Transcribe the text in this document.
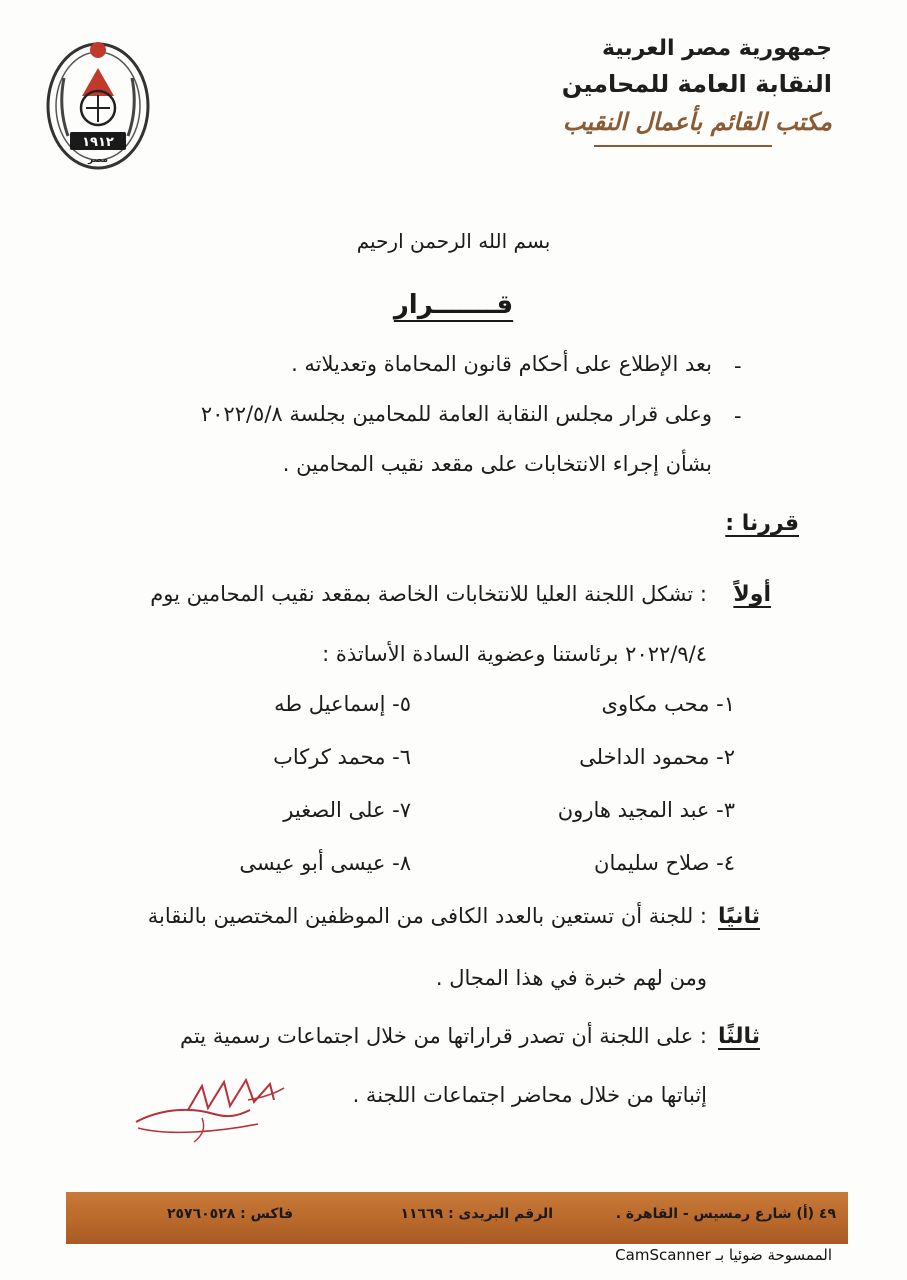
١٩١٢
مصر
جمهورية مصر العربية
النقابة العامة للمحامين
مكتب القائم بأعمال النقيب
بسم الله الرحمن ارحيم
قـــــــرار
-
بعد الإطلاع على أحكام قانون المحاماة وتعديلاته .
-
وعلى قرار مجلس النقابة العامة للمحامين بجلسة ٢٠٢٢/٥/٨
بشأن إجراء الانتخابات على مقعد نقيب المحامين .
قررنا :
أولاً
: تشكل اللجنة العليا للانتخابات الخاصة بمقعد نقيب المحامين يوم
٢٠٢٢/٩/٤ برئاستنا وعضوية السادة الأساتذة :
١- محب مكاوى
٢- محمود الداخلى
٣- عبد المجيد هارون
٤- صلاح سليمان
٥- إسماعيل طه
٦- محمد كركاب
٧- على الصغير
٨- عيسى أبو عيسى
ثانيًا
: للجنة أن تستعين بالعدد الكافى من الموظفين المختصين بالنقابة
ومن لهم خبرة في هذا المجال .
ثالثًا
: على اللجنة أن تصدر قراراتها من خلال اجتماعات رسمية يتم
إثباتها من خلال محاضر اجتماعات اللجنة .
٤٩ (أ) شارع رمسيس - القاهرة .
الرقم البريدى : ١١٦٦٩
فاكس : ٢٥٧٦٠٥٢٨
الممسوحة ضوئيا بـ CamScanner
